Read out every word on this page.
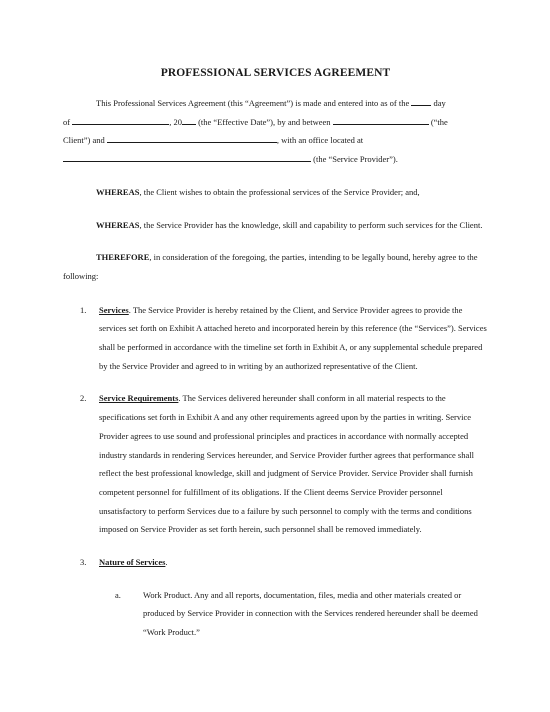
PROFESSIONAL SERVICES AGREEMENT

This Professional Services Agreement (this “Agreement”) is made and entered into as of the	day
of	, 20 (the “Effective Date”), by and between	(“the
Client”) and	, with an office located at
(the “Service Provider”).

WHEREAS, the Client wishes to obtain the professional services of the Service Provider; and,

WHEREAS, the Service Provider has the knowledge, skill and capability to perform such services for the Client.

THEREFORE, in consideration of the foregoing, the parties, intending to be legally bound, hereby agree to the following:

1. Services. The Service Provider is hereby retained by the Client, and Service Provider agrees to provide the services set forth on Exhibit A attached hereto and incorporated herein by this reference (the “Services”). Services shall be performed in accordance with the timeline set forth in Exhibit A, or any supplemental schedule prepared by the Service Provider and agreed to in writing by an authorized representative of the Client.
2. Service Requirements. The Services delivered hereunder shall conform in all material respects to the specifications set forth in Exhibit A and any other requirements agreed upon by the parties in writing. Service Provider agrees to use sound and professional principles and practices in accordance with normally accepted industry standards in rendering Services hereunder, and Service Provider further agrees that performance shall reflect the best professional knowledge, skill and judgment of Service Provider. Service Provider shall furnish competent personnel for fulfillment of its obligations. If the Client deems Service Provider personnel unsatisfactory to perform Services due to a failure by such personnel to comply with the terms and conditions imposed on Service Provider as set forth herein, such personnel shall be removed immediately.
3. Nature of Services.
a.	Work Product. Any and all reports, documentation, files, media and other materials created or produced by Service Provider in connection with the Services rendered hereunder shall be deemed “Work Product.”
